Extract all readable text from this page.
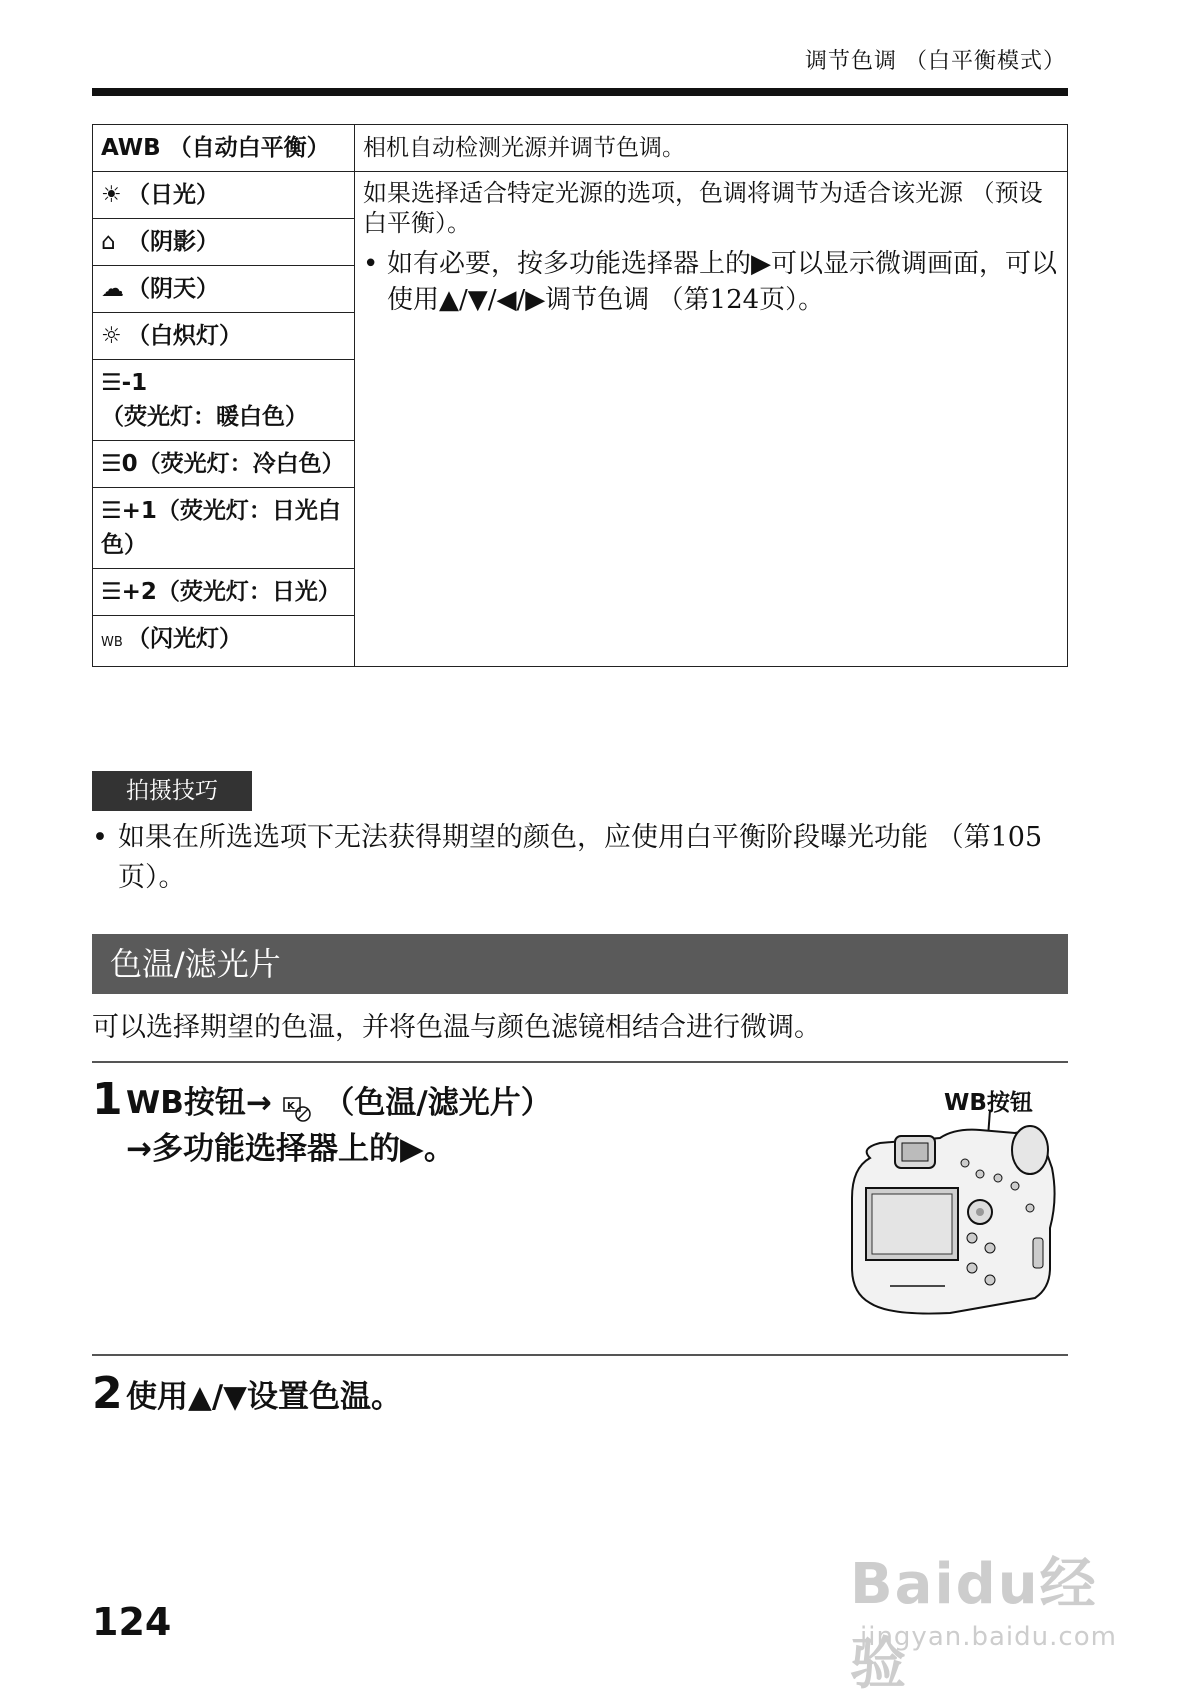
调节色调 （白平衡模式）
AWB （自动白平衡）	相机自动检测光源并调节色调。
☀ （日光）	如果选择适合特定光源的选项，色调将调节为适合该光源 （预设白平衡）。
• 如有必要，按多功能选择器上的▶可以显示微调画面，可以使用▲/▼/◀/▶调节色调 （第124页）。

⌂ （阴影）	
☁ （阴天）	
☼ （白炽灯）	
☰-1（荧光灯：暖白色）	
☰0（荧光灯：冷白色）	
☰+1（荧光灯：日光白色）	
☰+2（荧光灯：日光）	
WB （闪光灯）	
拍摄技巧
• 如果在所选选项下无法获得期望的颜色，应使用白平衡阶段曝光功能 （第105页）。
色温/滤光片
可以选择期望的色温，并将色温与颜色滤镜相结合进行微调。
1 WB按钮→ K （色温/滤光片）
→多功能选择器上的▶。
WB按钮
2 使用▲/▼设置色温。
124
Baidu经验
jingyan.baidu.com
